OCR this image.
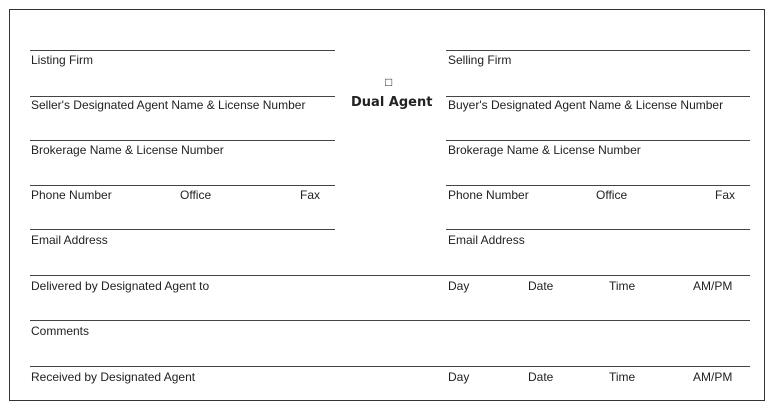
Listing Firm
Seller's Designated Agent Name & License Number
Brokerage Name & License Number
Phone Number	Office	Fax
Email Address
□
Dual Agent
Selling Firm
Buyer's Designated Agent Name & License Number
Brokerage Name & License Number
Phone Number	Office	Fax
Email Address
Delivered by Designated Agent to	Day	Date	Time	AM/PM
Comments
Received by Designated Agent	Day	Date	Time	AM/PM
